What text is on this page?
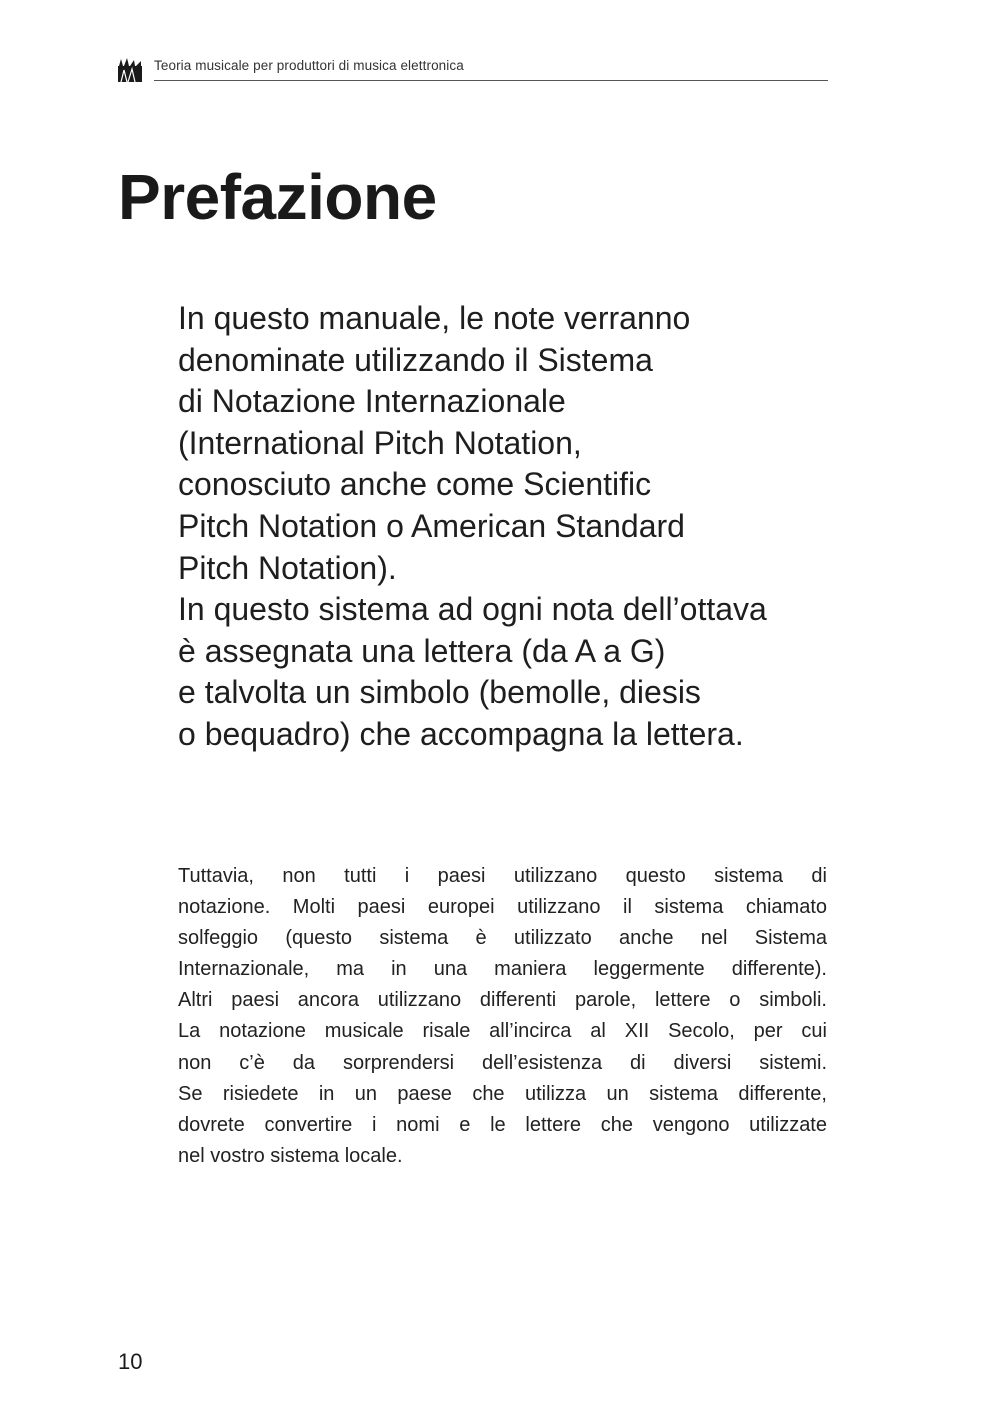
Teoria musicale per produttori di musica elettronica
Prefazione
In questo manuale, le note verranno
denominate utilizzando il Sistema
di Notazione Internazionale
(International Pitch Notation,
conosciuto anche come Scientific
Pitch Notation o American Standard
Pitch Notation).
In questo sistema ad ogni nota dell’ottava
è assegnata una lettera (da A a G)
e talvolta un simbolo (bemolle, diesis
o bequadro) che accompagna la lettera.
Tuttavia, non tutti i paesi utilizzano questo sistema di
notazione. Molti paesi europei utilizzano il sistema chiamato
solfeggio (questo sistema è utilizzato anche nel Sistema
Internazionale, ma in una maniera leggermente differente).
Altri paesi ancora utilizzano differenti parole, lettere o simboli.
La notazione musicale risale all’incirca al XII Secolo, per cui
non c’è da sorprendersi dell’esistenza di diversi sistemi.
Se risiedete in un paese che utilizza un sistema differente,
dovrete convertire i nomi e le lettere che vengono utilizzate
nel vostro sistema locale.
10
